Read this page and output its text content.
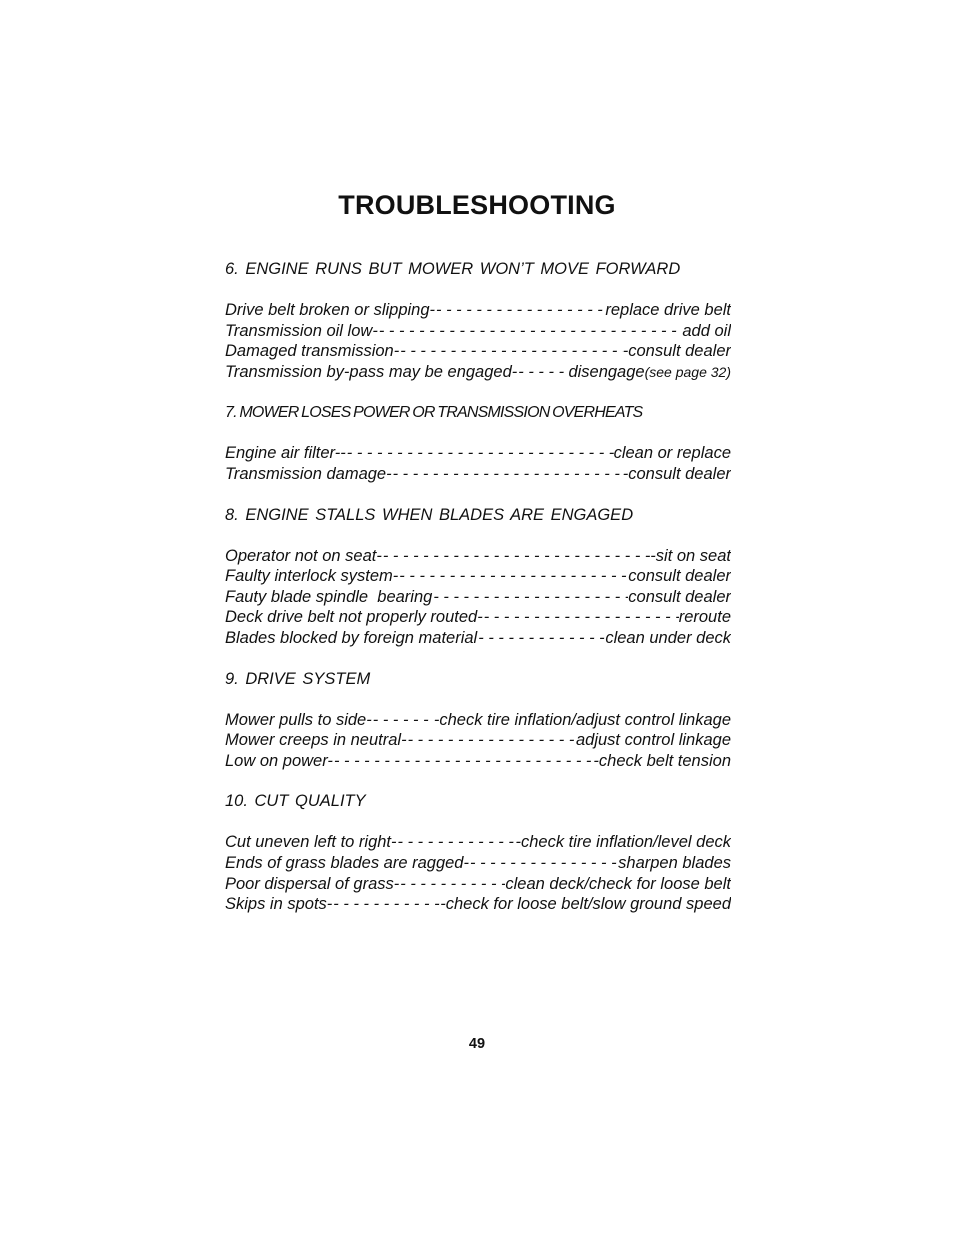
TROUBLESHOOTING
6. ENGINE RUNS BUT MOWER WON’T MOVE FORWARD
Drive belt broken or slipping- - - -	replace drive belt
Transmission oil low- - - -	add oil
Damaged transmission- - - -	-consult dealer
Transmission by-pass may be engaged- - - -	disengage (see page 32)
7. MOWER LOSES POWER OR TRANSMISSION OVERHEATS
Engine air filter-- - - -	clean or replace
Transmission damage- - - -	-consult dealer
8. ENGINE STALLS WHEN BLADES ARE ENGAGED
Operator not on seat- - - -	-sit on seat
Faulty interlock system- - - -	consult dealer
Fauty blade spindle  bearing - - -	consult dealer
Deck drive belt not properly routed- - - -	reroute
Blades blocked by foreign material - - -	clean under deck
9. DRIVE SYSTEM
Mower pulls to side- - - -	-check tire inflation/adjust control linkage
Mower creeps in neutral- - - -	adjust control linkage
Low on power- - - -	-check belt tension
10. CUT QUALITY
Cut uneven left to right- - - -	-check tire inflation/level deck
Ends of grass blades are ragged- - - -	sharpen blades
Poor dispersal of grass- - - -	clean deck/check for loose belt
Skips in spots- - - -	-check for loose belt/slow ground speed
49
